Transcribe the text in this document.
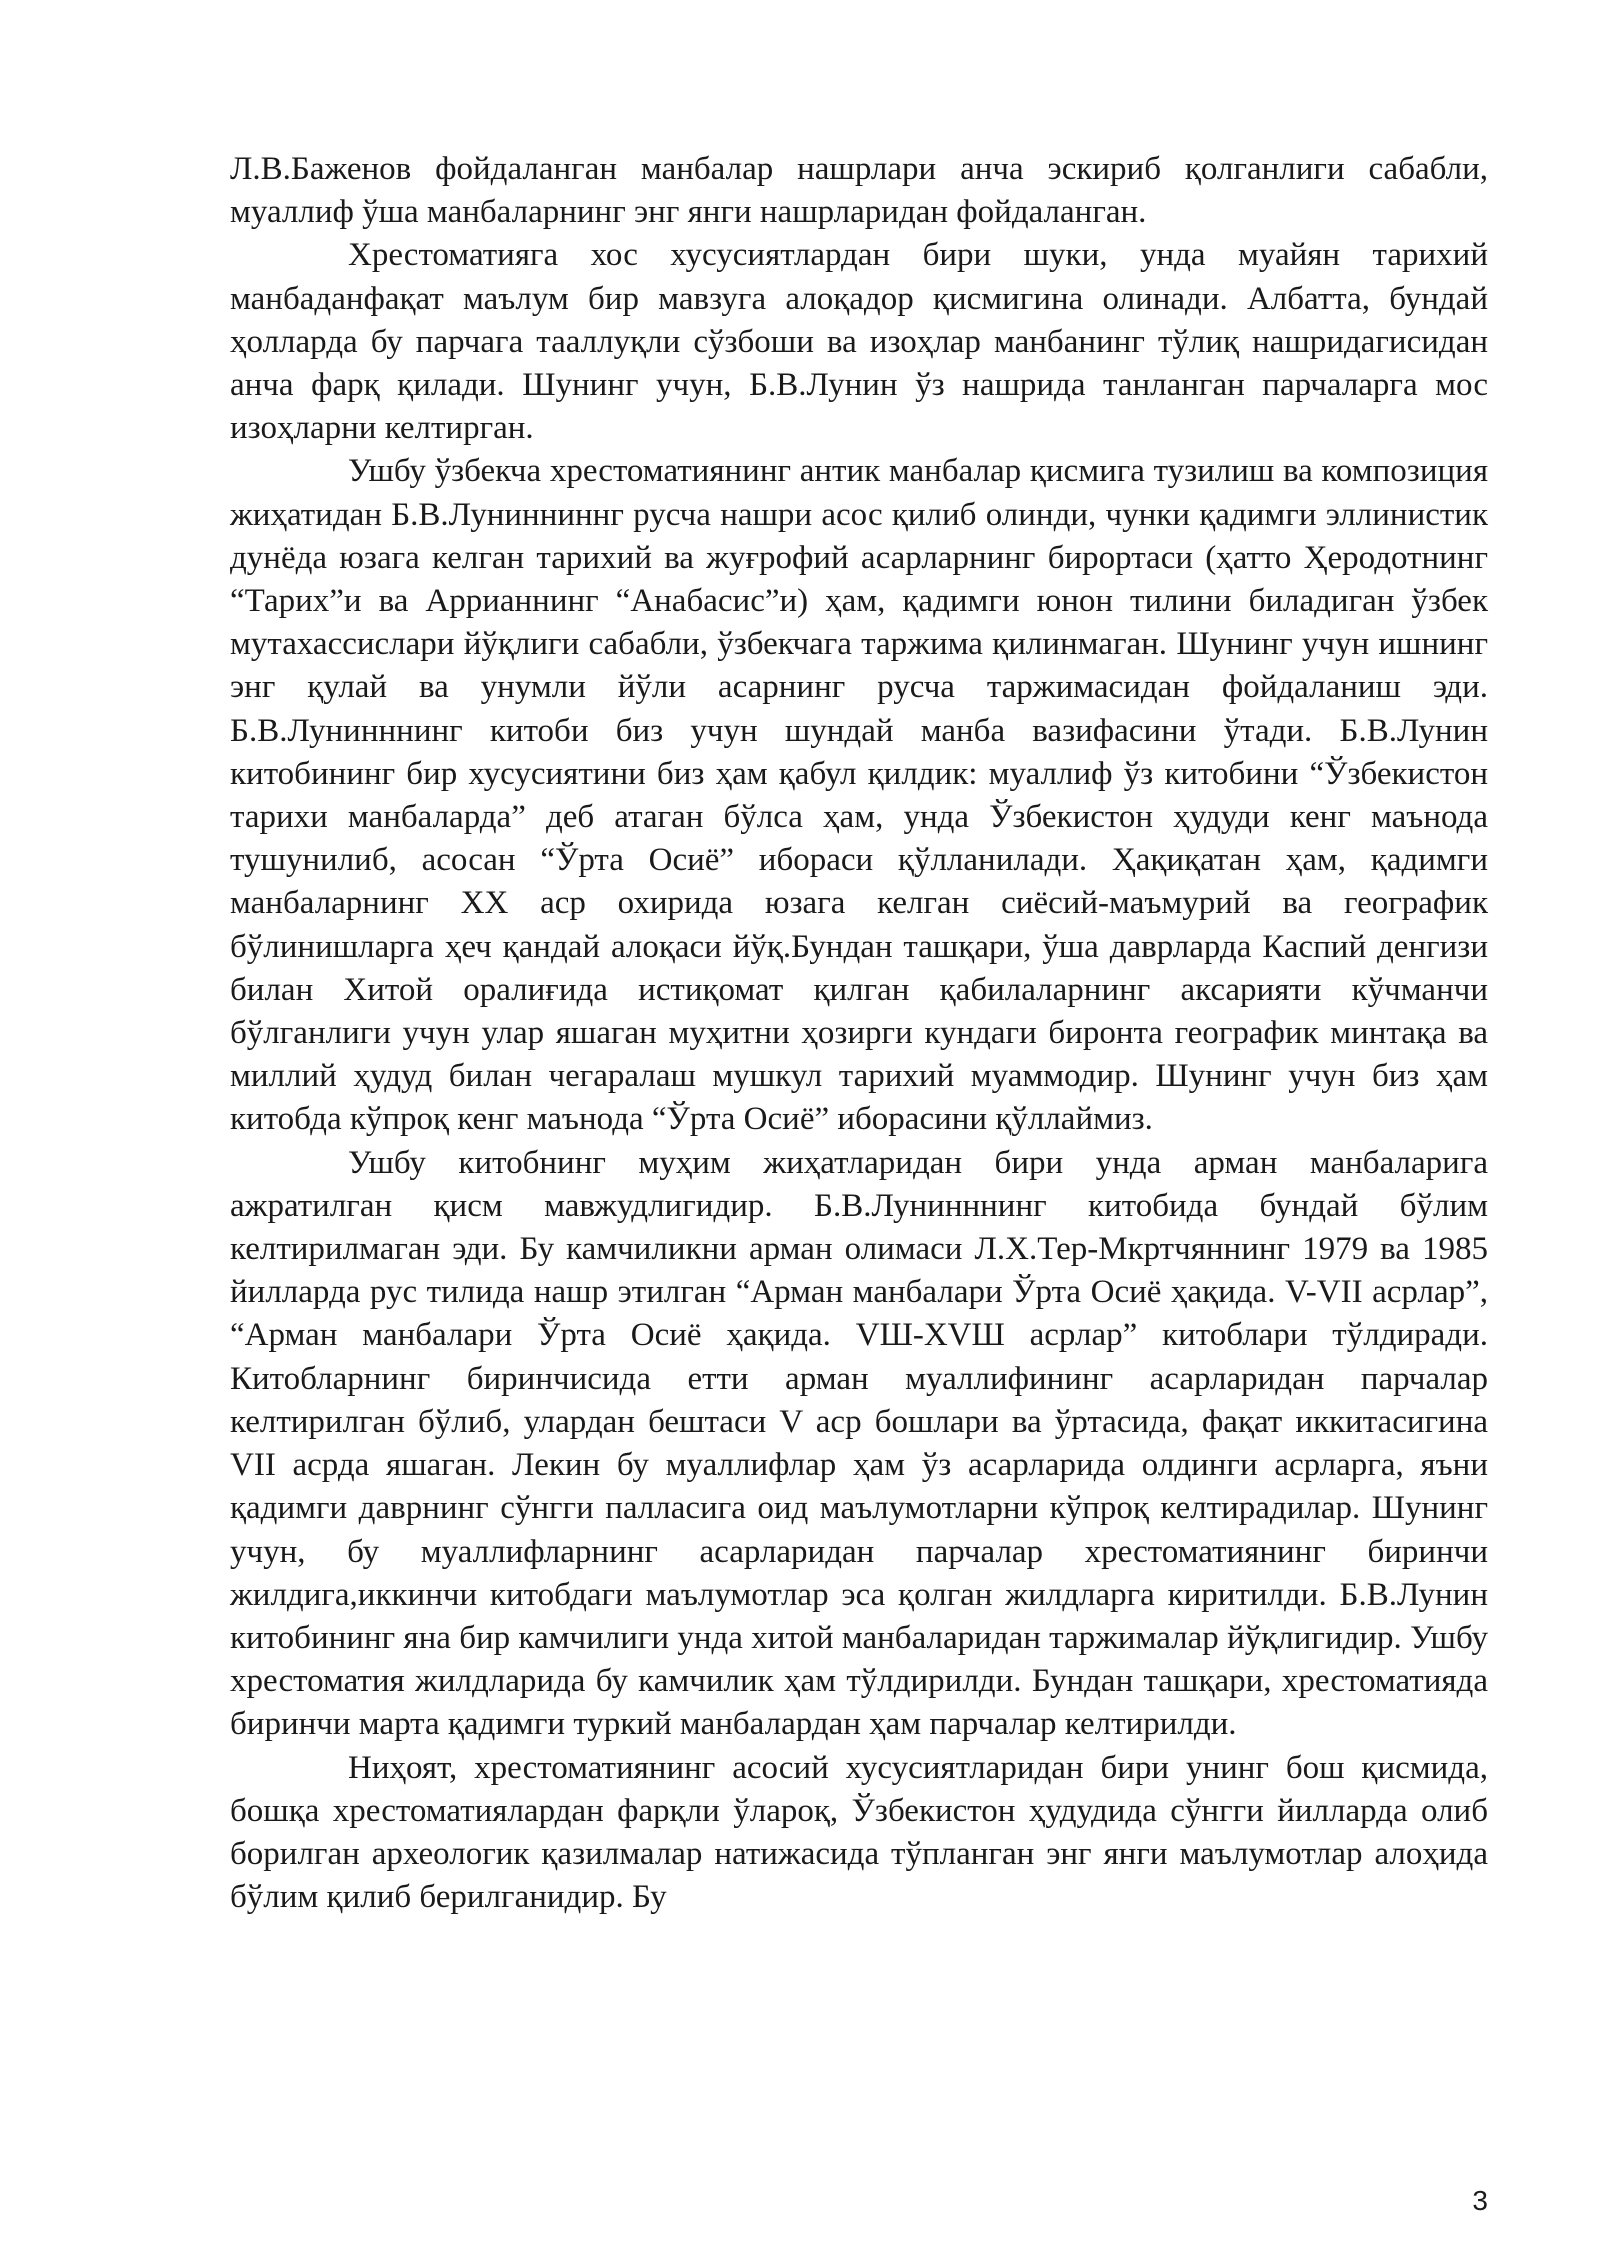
Л.В.Баженов фойдаланган манбалар нашрлари анча эскириб қолганлиги сабабли, муаллиф ўша манбаларнинг энг янги нашрларидан фойдаланган.

Хрестоматияга хос хусусиятлардан бири шуки, унда муайян тарихий манбаданфақат маълум бир мавзуга алоқадор қисмигина олинади. Албатта, бундай ҳолларда бу парчага тааллуқли сўзбоши ва изоҳлар манбанинг тўлиқ нашридагисидан анча фарқ қилади. Шунинг учун, Б.В.Лунин ўз нашрида танланган парчаларга мос изоҳларни келтирган.

Ушбу ўзбекча хрестоматиянинг антик манбалар қисмига тузилиш ва композиция жиҳатидан Б.В.Лунинниннг русча нашри асос қилиб олинди, чунки қадимги эллинистик дунёда юзага келган тарихий ва жуғрофий асарларнинг бирортаси (ҳатто Ҳеродотнинг “Тарих”и ва Аррианнинг “Анабасис”и) ҳам, қадимги юнон тилини биладиган ўзбек мутахассислари йўқлиги сабабли, ўзбекчага таржима қилинмаган. Шунинг учун ишнинг энг қулай ва унумли йўли асарнинг русча таржимасидан фойдаланиш эди. Б.В.Лунинннинг китоби биз учун шундай манба вазифасини ўтади. Б.В.Лунин китобининг бир хусусиятини биз ҳам қабул қилдик: муаллиф ўз китобини “Ўзбекистон тарихи манбаларда” деб атаган бўлса ҳам, унда Ўзбекистон ҳудуди кенг маънода тушунилиб, асосан “Ўрта Осиё” ибораси қўлланилади. Ҳақиқатан ҳам, қадимги манбаларнинг XX аср охирида юзага келган сиёсий-маъмурий ва географик бўлинишларга ҳеч қандай алоқаси йўқ.Бундан ташқари, ўша даврларда Каспий денгизи билан Хитой оралиғида истиқомат қилган қабилаларнинг аксарияти кўчманчи бўлганлиги учун улар яшаган муҳитни ҳозирги кундаги биронта географик минтақа ва миллий ҳудуд билан чегаралаш мушкул тарихий муаммодир. Шунинг учун биз ҳам китобда кўпроқ кенг маънода “Ўрта Осиё” иборасини қўллаймиз.

Ушбу китобнинг муҳим жиҳатларидан бири унда арман манбаларига ажратилган қисм мавжудлигидир. Б.В.Лунинннинг китобида бундай бўлим келтирилмаган эди. Бу камчиликни арман олимаси Л.Х.Тер-Мкртчяннинг 1979 ва 1985 йилларда рус тилида нашр этилган “Арман манбалари Ўрта Осиё ҳақида. V-VII асрлар”, “Арман манбалари Ўрта Осиё ҳақида. VШ-XVШ асрлар” китоблари тўлдиради. Китобларнинг биринчисида етти арман муаллифининг асарларидан парчалар келтирилган бўлиб, улардан бештаси V аср бошлари ва ўртасида, фақат иккитасигина VII асрда яшаган. Лекин бу муаллифлар ҳам ўз асарларида олдинги асрларга, яъни қадимги даврнинг сўнгги палласига оид маълумотларни кўпроқ келтирадилар. Шунинг учун, бу муаллифларнинг асарларидан парчалар хрестоматиянинг биринчи жилдига,иккинчи китобдаги маълумотлар эса қолган жилдларга киритилди. Б.В.Лунин китобининг яна бир камчилиги унда хитой манбаларидан таржималар йўқлигидир. Ушбу хрестоматия жилдларида бу камчилик ҳам тўлдирилди. Бундан ташқари, хрестоматияда биринчи марта қадимги туркий манбалардан ҳам парчалар келтирилди.

Ниҳоят, хрестоматиянинг асосий хусусиятларидан бири унинг бош қисмида, бошқа хрестоматиялардан фарқли ўлароқ, Ўзбекистон ҳудудида сўнгги йилларда олиб борилган археологик қазилмалар натижасида тўпланган энг янги маълумотлар алоҳида бўлим қилиб берилганидир. Бу

3
